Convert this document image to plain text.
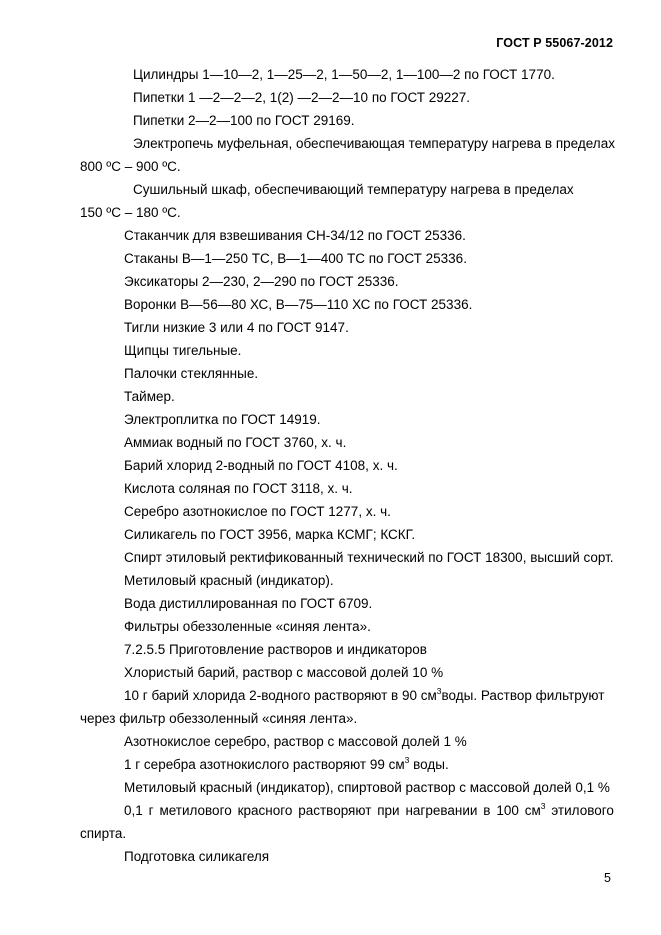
ГОСТ Р 55067-2012
Цилиндры 1—10—2, 1—25—2, 1—50—2, 1—100—2 по ГОСТ 1770.
Пипетки 1 —2—2—2, 1(2) —2—2—10 по ГОСТ 29227.
Пипетки 2—2—100 по ГОСТ 29169.
Электропечь муфельная, обеспечивающая температуру нагрева в пределах
800 ºС – 900 ºС.
Сушильный шкаф, обеспечивающий температуру нагрева в пределах
150 ºС – 180 ºС.
Стаканчик для взвешивания СН-34/12 по ГОСТ 25336.
Стаканы В—1—250 ТС, В—1—400 ТС по ГОСТ 25336.
Эксикаторы 2—230, 2—290 по ГОСТ 25336.
Воронки В—56—80 ХС, В—75—110 ХС по ГОСТ 25336.
Тигли низкие 3 или 4 по ГОСТ 9147.
Щипцы тигельные.
Палочки стеклянные.
Таймер.
Электроплитка по ГОСТ 14919.
Аммиак водный по ГОСТ 3760, х. ч.
Барий хлорид 2-водный по ГОСТ 4108, х. ч.
Кислота соляная по ГОСТ 3118, х. ч.
Серебро азотнокислое по ГОСТ 1277, х. ч.
Силикагель по ГОСТ 3956, марка КСМГ; КСКГ.
Спирт этиловый ректификованный технический по ГОСТ 18300, высший сорт.
Метиловый красный (индикатор).
Вода дистиллированная по ГОСТ 6709.
Фильтры обеззоленные «синяя лента».
7.2.5.5 Приготовление растворов и индикаторов
Хлористый барий, раствор с массовой долей 10 %
10 г барий хлорида 2-водного растворяют в 90 $см^3воды$. Раствор фильтруют
через фильтр обеззоленный «синяя лента».
Азотнокислое серебро, раствор с массовой долей 1 %
1 г серебра азотнокислого растворяют 99 $см^3$ воды.
Метиловый красный (индикатор), спиртовой раствор с массовой долей 0,1 %
0,1 г метилового красного растворяют при нагревании в 100 $см^3$ этилового
спирта.
Подготовка силикагеля
5
